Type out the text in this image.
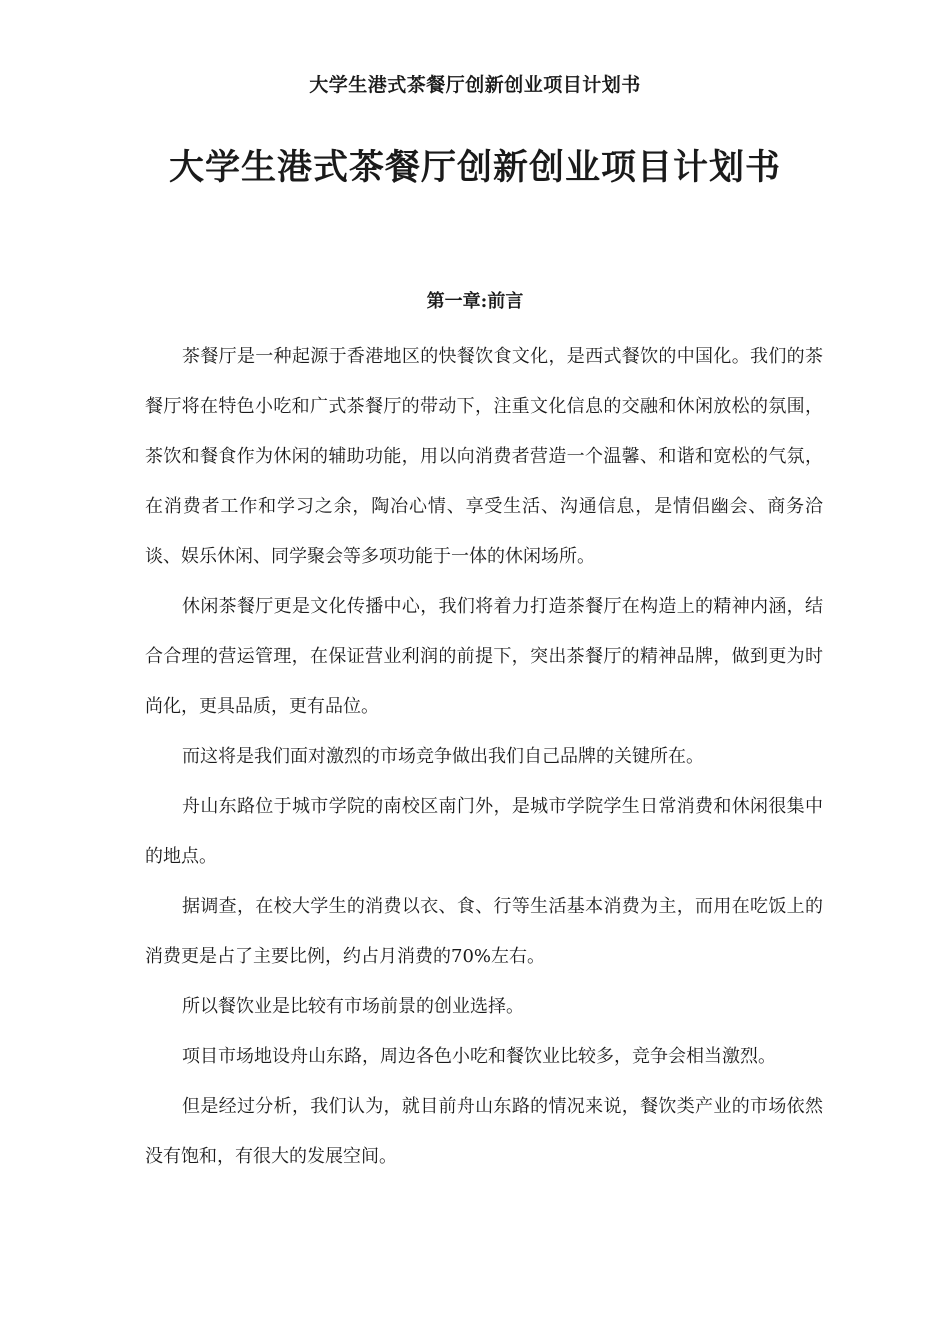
大学生港式茶餐厅创新创业项目计划书
大学生港式茶餐厅创新创业项目计划书
第一章:前言

茶餐厅是一种起源于香港地区的快餐饮食文化，是西式餐饮的中国化。我们的茶餐厅将在特色小吃和广式茶餐厅的带动下，注重文化信息的交融和休闲放松的氛围，茶饮和餐食作为休闲的辅助功能，用以向消费者营造一个温馨、和谐和宽松的气氛，在消费者工作和学习之余，陶冶心情、享受生活、沟通信息，是情侣幽会、商务洽谈、娱乐休闲、同学聚会等多项功能于一体的休闲场所。

休闲茶餐厅更是文化传播中心，我们将着力打造茶餐厅在构造上的精神内涵，结合合理的营运管理，在保证营业利润的前提下，突出茶餐厅的精神品牌，做到更为时尚化，更具品质，更有品位。

而这将是我们面对激烈的市场竞争做出我们自己品牌的关键所在。

舟山东路位于城市学院的南校区南门外，是城市学院学生日常消费和休闲很集中的地点。

据调查，在校大学生的消费以衣、食、行等生活基本消费为主，而用在吃饭上的消费更是占了主要比例，约占月消费的70%左右。

所以餐饮业是比较有市场前景的创业选择。

项目市场地设舟山东路，周边各色小吃和餐饮业比较多，竞争会相当激烈。

但是经过分析，我们认为，就目前舟山东路的情况来说，餐饮类产业的市场依然没有饱和，有很大的发展空间。
